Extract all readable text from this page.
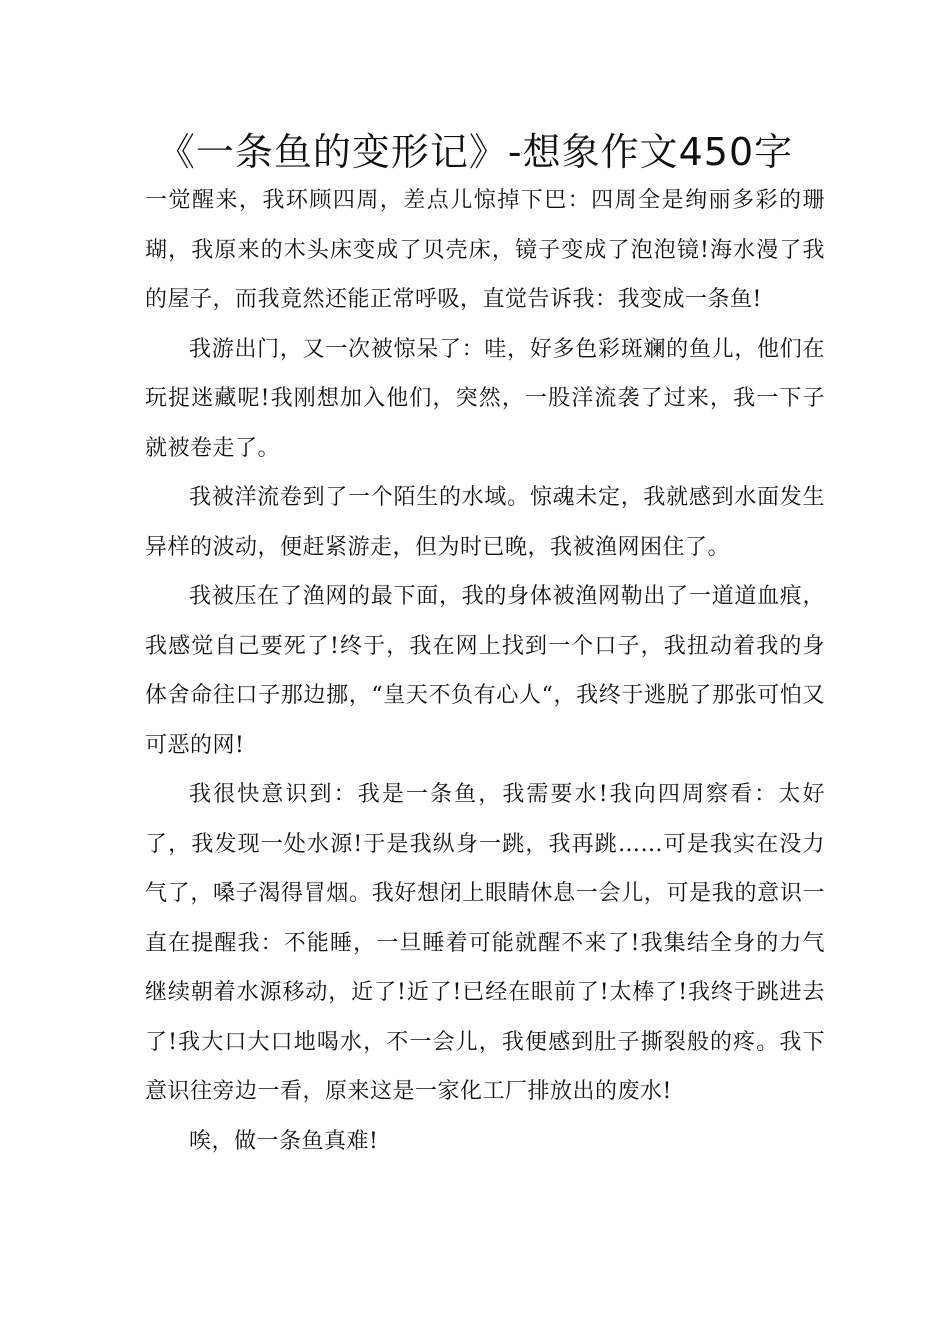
《一条鱼的变形记》-想象作文450字

一觉醒来，我环顾四周，差点儿惊掉下巴：四周全是绚丽多彩的珊瑚，我原来的木头床变成了贝壳床，镜子变成了泡泡镜!海水漫了我的屋子，而我竟然还能正常呼吸，直觉告诉我：我变成一条鱼!

我游出门，又一次被惊呆了：哇，好多色彩斑斓的鱼儿，他们在玩捉迷藏呢!我刚想加入他们，突然，一股洋流袭了过来，我一下子就被卷走了。

我被洋流卷到了一个陌生的水域。惊魂未定，我就感到水面发生异样的波动，便赶紧游走，但为时已晚，我被渔网困住了。

我被压在了渔网的最下面，我的身体被渔网勒出了一道道血痕，我感觉自己要死了!终于，我在网上找到一个口子，我扭动着我的身体舍命往口子那边挪，“皇天不负有心人“，我终于逃脱了那张可怕又可恶的网!

我很快意识到：我是一条鱼，我需要水!我向四周察看：太好了，我发现一处水源!于是我纵身一跳，我再跳……可是我实在没力气了，嗓子渴得冒烟。我好想闭上眼睛休息一会儿，可是我的意识一直在提醒我：不能睡，一旦睡着可能就醒不来了!我集结全身的力气继续朝着水源移动，近了!近了!已经在眼前了!太棒了!我终于跳进去了!我大口大口地喝水，不一会儿，我便感到肚子撕裂般的疼。我下意识往旁边一看，原来这是一家化工厂排放出的废水!

唉，做一条鱼真难!
